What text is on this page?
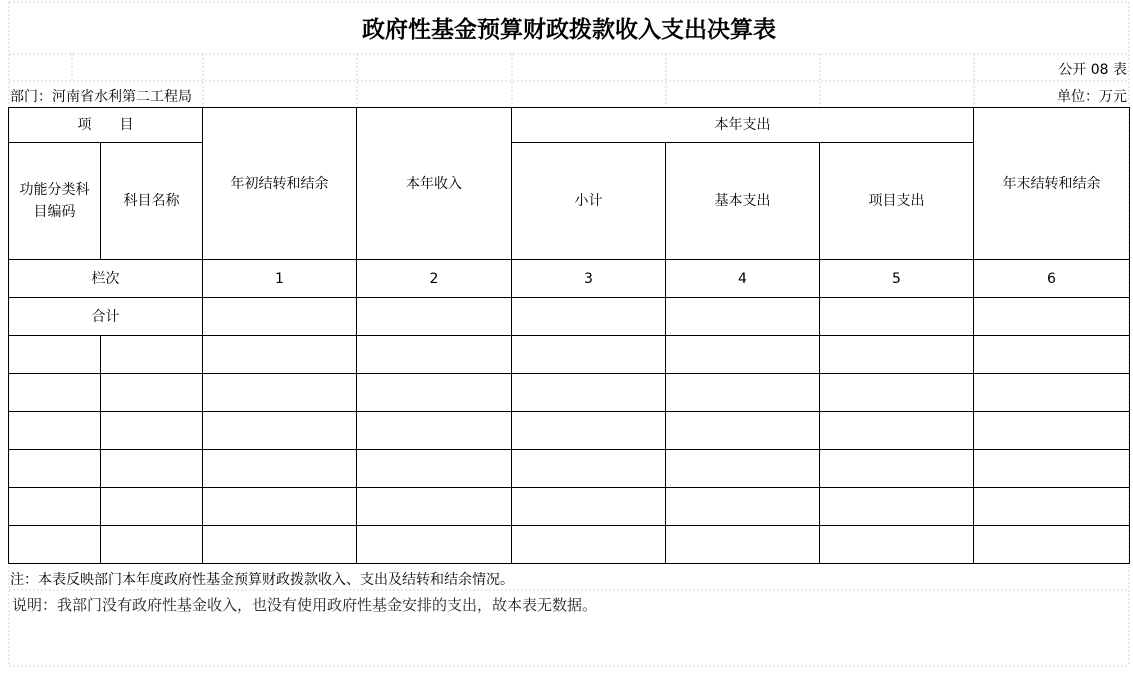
政府性基金预算财政拨款收入支出决算表
公开 08 表
部门：河南省水利第二工程局	单位：万元
项　　目		年初结转和结余	本年收入	本年支出			年末结转和结余

功能分类科目编码	科目名称			小计	基本支出	项目支出	
栏次		1	2	3	4	5	6
合计							

注：本表反映部门本年度政府性基金预算财政拨款收入、支出及结转和结余情况。
说明：我部门没有政府性基金收入，也没有使用政府性基金安排的支出，故本表无数据。
